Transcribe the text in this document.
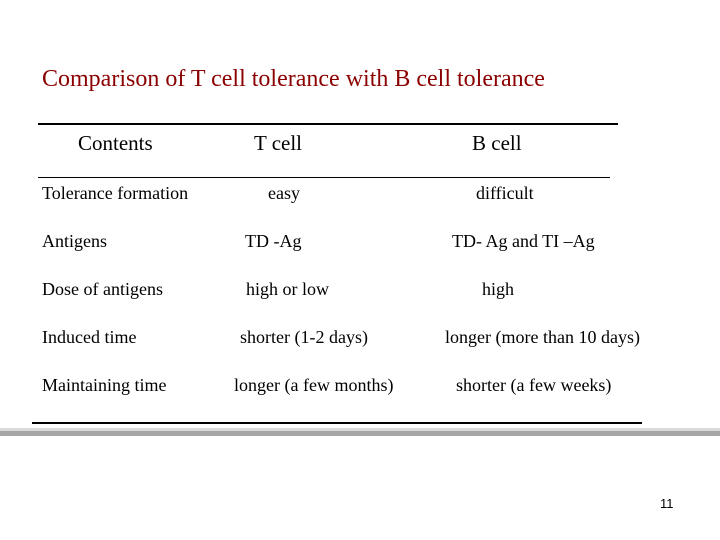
Comparison of T cell tolerance with B cell tolerance
Contents	T cell	B cell
Tolerance formation	easy	difficult
Antigens	TD -Ag	TD- Ag and TI –Ag
Dose of antigens	high or low	high
Induced time	shorter (1-2 days)	longer (more than 10 days)
Maintaining time	longer (a few months)	shorter (a few weeks)
11
